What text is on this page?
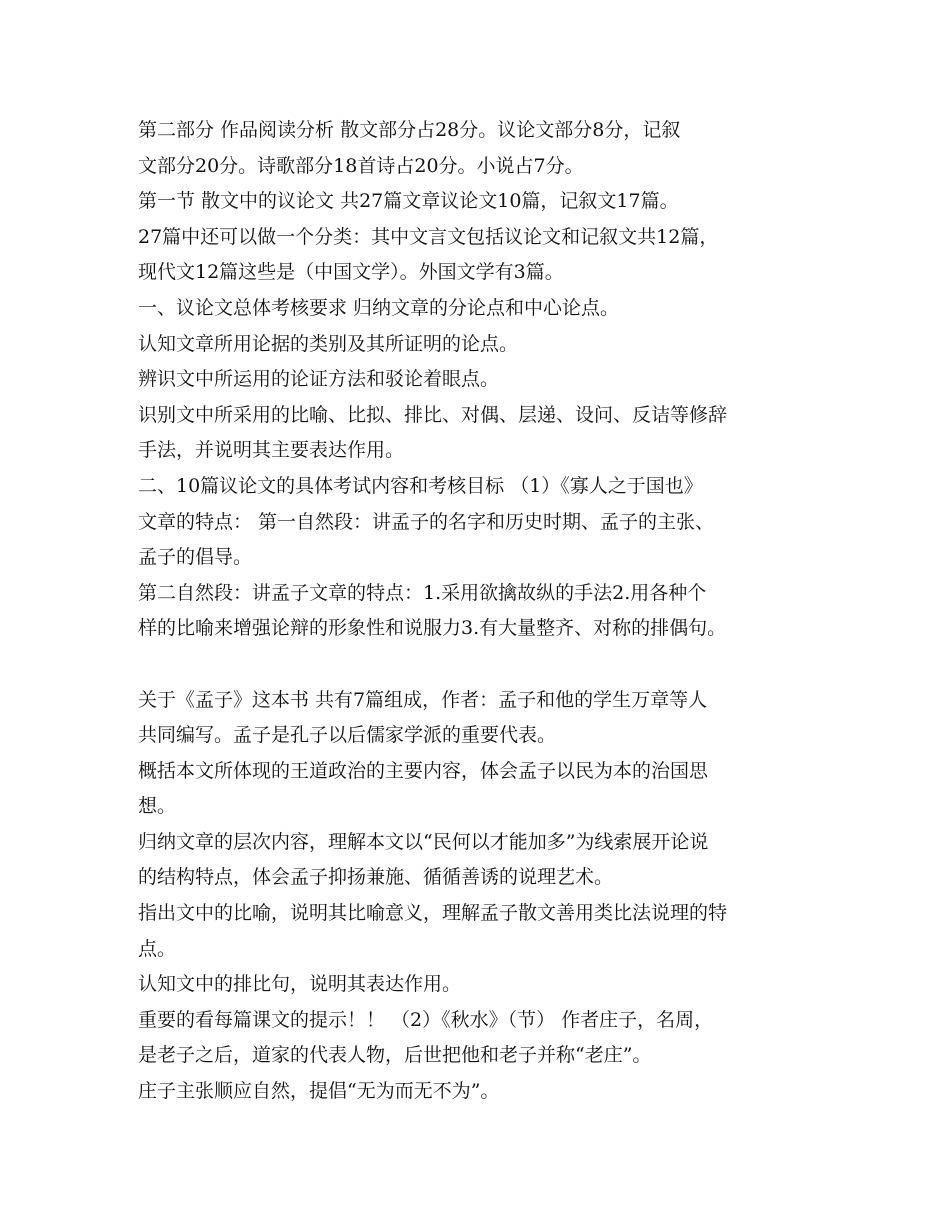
第二部分 作品阅读分析 散文部分占28分。议论文部分8分，记叙
文部分20分。诗歌部分18首诗占20分。小说占7分。
第一节 散文中的议论文 共27篇文章议论文10篇，记叙文17篇。
27篇中还可以做一个分类：其中文言文包括议论文和记叙文共12篇，
现代文12篇这些是（中国文学）。外国文学有3篇。
一、议论文总体考核要求 归纳文章的分论点和中心论点。
认知文章所用论据的类别及其所证明的论点。
辨识文中所运用的论证方法和驳论着眼点。
识别文中所采用的比喻、比拟、排比、对偶、层递、设问、反诘等修辞
手法，并说明其主要表达作用。
二、10篇议论文的具体考试内容和考核目标 （1）《寡人之于国也》
文章的特点： 第一自然段：讲孟子的名字和历史时期、孟子的主张、
孟子的倡导。
第二自然段：讲孟子文章的特点：1.采用欲擒故纵的手法2.用各种个
样的比喻来增强论辩的形象性和说服力3.有大量整齐、对称的排偶句。
关于《孟子》这本书 共有7篇组成，作者：孟子和他的学生万章等人
共同编写。孟子是孔子以后儒家学派的重要代表。
概括本文所体现的王道政治的主要内容，体会孟子以民为本的治国思
想。
归纳文章的层次内容，理解本文以“民何以才能加多”为线索展开论说
的结构特点，体会孟子抑扬兼施、循循善诱的说理艺术。
指出文中的比喻，说明其比喻意义，理解孟子散文善用类比法说理的特
点。
认知文中的排比句，说明其表达作用。
重要的看每篇课文的提示！！ （2）《秋水》（节） 作者庄子，名周，
是老子之后，道家的代表人物，后世把他和老子并称“老庄”。
庄子主张顺应自然，提倡“无为而无不为”。
